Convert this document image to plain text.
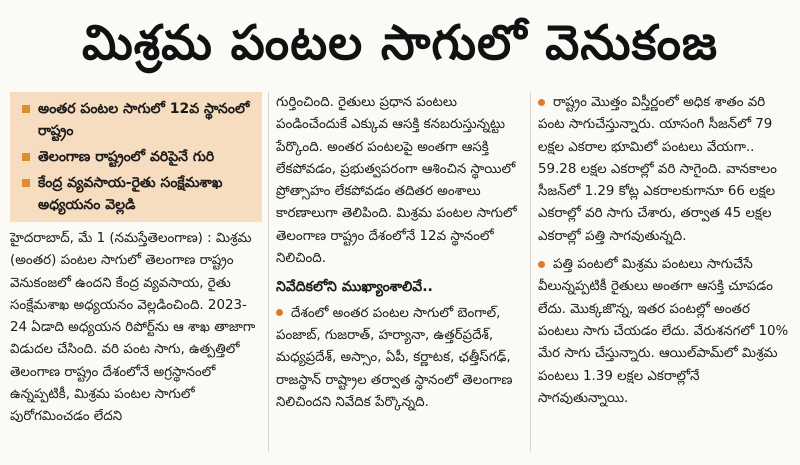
మిశ్రమ పంటల సాగులో వెనుకంజ
అంతర పంటల సాగులో 12వ స్థానంలో రాష్ట్రం
తెలంగాణ రాష్ట్రంలో వరిపైనే గురి
కేంద్ర వ్యవసాయ-రైతు సంక్షేమశాఖ అధ్యయనం వెల్లడి

హైదరాబాద్, మే 1 (నమస్తేతెలంగాణ) : మిశ్రమ (అంతర) పంటల సాగులో తెలంగాణ రాష్ట్రం వెనుకంజలో ఉందని కేంద్ర వ్యవసాయ, రైతు సంక్షేమశాఖ అధ్యయనం వెల్లడించింది. 2023-24 ఏడాది అధ్యయన రిపోర్ట్‌ను ఆ శాఖ తాజాగా విడుదల చేసింది. వరి పంట సాగు, ఉత్పత్తిలో తెలంగాణ రాష్ట్రం దేశంలోనే అగ్రస్థానంలో ఉన్నప్పటికీ, మిశ్రమ పంటల సాగులో పురోగమించడం లేదని

గుర్తించింది. రైతులు ప్రధాన పంటలు పండించేందుకే ఎక్కువ ఆసక్తి కనబరుస్తున్నట్టు పేర్కొంది. అంతర పంటలపై అంతగా ఆసక్తి లేకపోవడం, ప్రభుత్వపరంగా ఆశించిన స్థాయిలో ప్రోత్సాహం లేకపోవడం తదితర అంశాలు కారణాలుగా తెలిపింది. మిశ్రమ పంటల సాగులో తెలంగాణ రాష్ట్రం దేశంలోనే 12వ స్థానంలో నిలిచింది.

నివేదికలోని ముఖ్యాంశాలివే..

దేశంలో అంతర పంటల సాగులో బెంగాల్, పంజాబ్, గుజరాత్, హర్యానా, ఉత్తర్‌ప్రదేశ్, మధ్యప్రదేశ్, అస్సాం, ఏపీ, కర్ణాటక, ఛత్తీస్‌గఢ్, రాజస్థాన్ రాష్ట్రాల తర్వాత స్థానంలో తెలంగాణ నిలిచిందని నివేదిక పేర్కొన్నది.

రాష్ట్రం మొత్తం విస్తీర్ణంలో అధిక శాతం వరి పంట సాగుచేస్తున్నారు. యాసంగి సీజన్‌లో 79 లక్షల ఎకరాల భూమిలో పంటలు వేయగా.. 59.28 లక్షల ఎకరాల్లో వరి సాగైంది. వానకాలం సీజన్‌లో 1.29 కోట్ల ఎకరాలకుగానూ 66 లక్షల ఎకరాల్లో వరి సాగు చేశారు, తర్వాత 45 లక్షల ఎకరాల్లో పత్తి సాగవుతున్నది.

పత్తి పంటలో మిశ్రమ పంటలు సాగుచేసే వీలున్నప్పటికీ రైతులు అంతగా ఆసక్తి చూపడం లేదు. మొక్కజొన్న, ఇతర పంటల్లో అంతర పంటలు సాగు చేయడం లేదు. వేరుశనగలో 10% మేర సాగు చేస్తున్నారు. ఆయిల్‌పామ్‌లో మిశ్రమ పంటలు 1.39 లక్షల ఎకరాల్లోనే సాగవుతున్నాయి.
